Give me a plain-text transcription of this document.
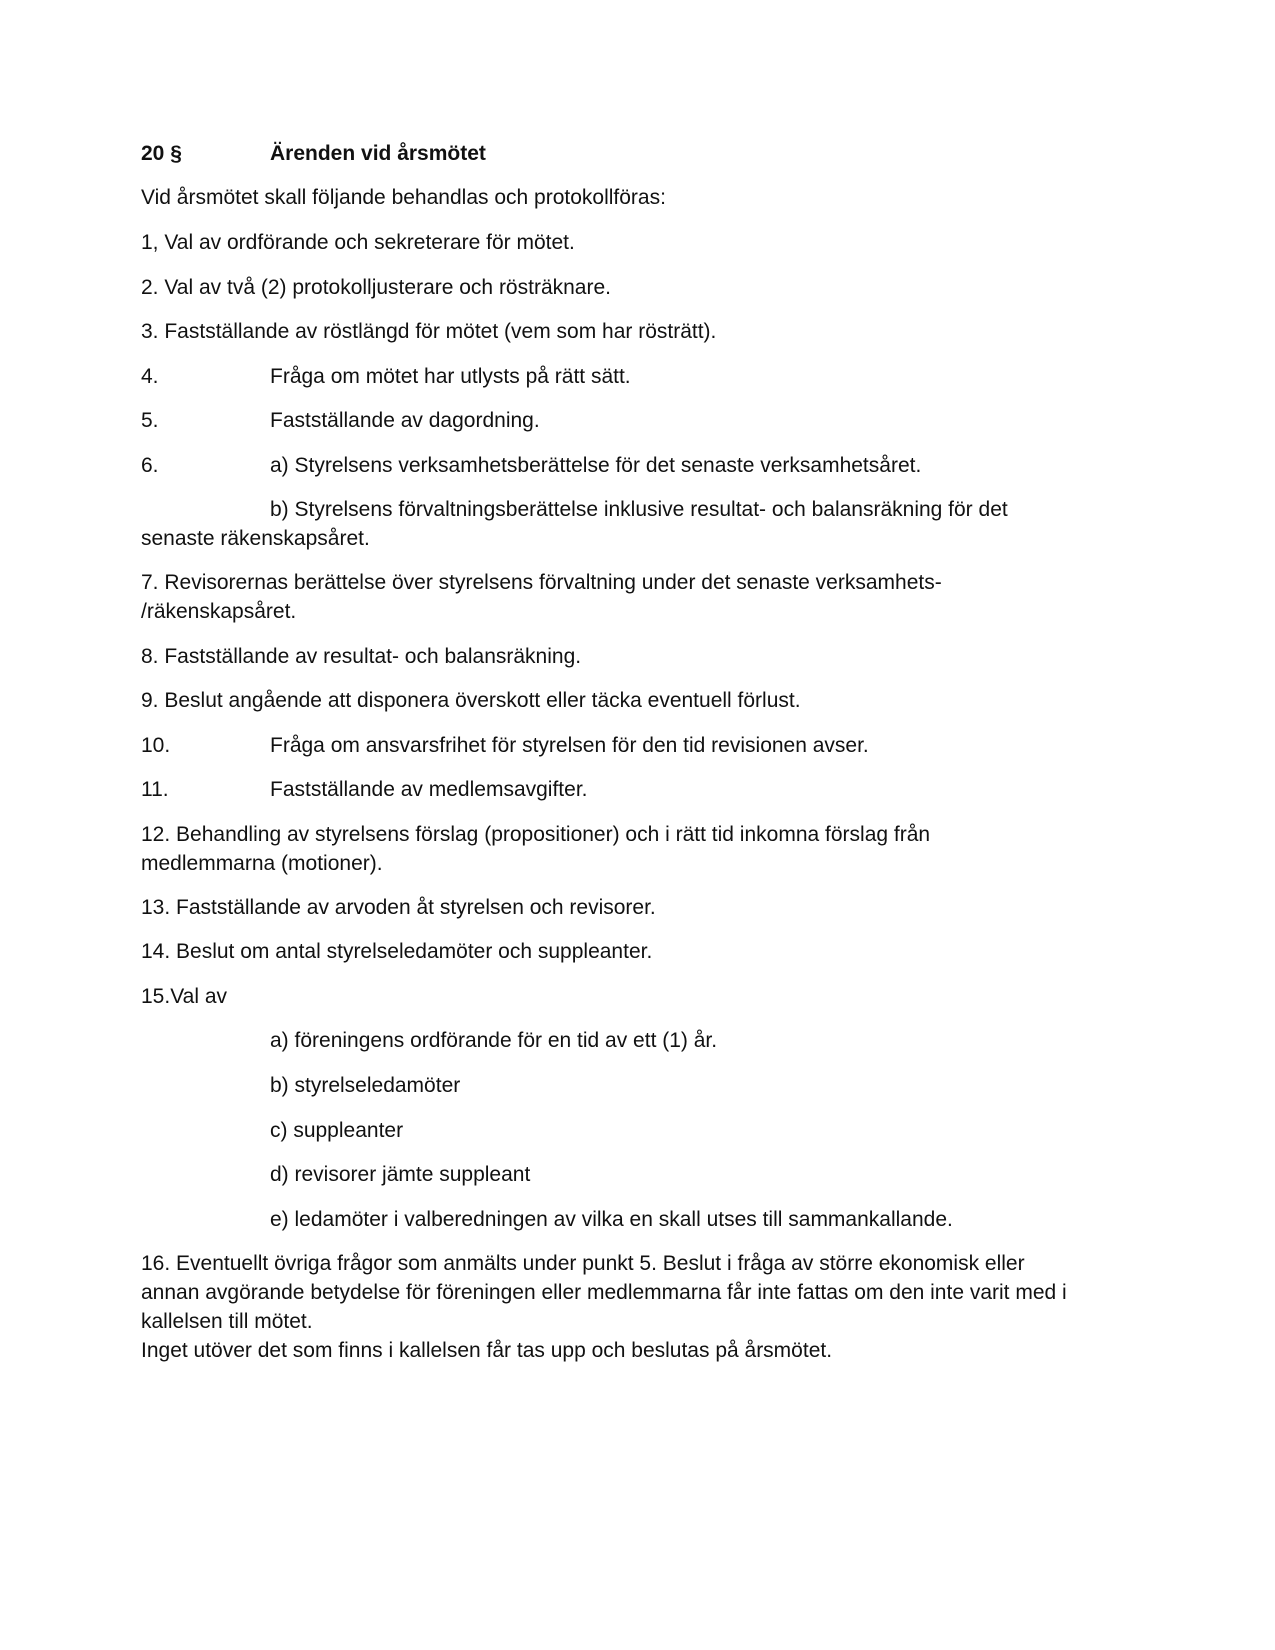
20 §	Ärenden vid årsmötet
Vid årsmötet skall följande behandlas och protokollföras:
1, Val av ordförande och sekreterare för mötet.
2. Val av två (2) protokolljusterare och rösträknare.
3. Fastställande av röstlängd för mötet (vem som har rösträtt).
4.	Fråga om mötet har utlysts på rätt sätt.
5.	Fastställande av dagordning.
6.	a) Styrelsens verksamhetsberättelse för det senaste verksamhetsåret.
b) Styrelsens förvaltningsberättelse inklusive resultat- och balansräkning för det
senaste räkenskapsåret.
7. Revisorernas berättelse över styrelsens förvaltning under det senaste verksamhets-
/räkenskapsåret.
8. Fastställande av resultat- och balansräkning.
9. Beslut angående att disponera överskott eller täcka eventuell förlust.
10.	Fråga om ansvarsfrihet för styrelsen för den tid revisionen avser.
11.	Fastställande av medlemsavgifter.
12. Behandling av styrelsens förslag (propositioner) och i rätt tid inkomna förslag från
medlemmarna (motioner).
13. Fastställande av arvoden åt styrelsen och revisorer.
14. Beslut om antal styrelseledamöter och suppleanter.
15.Val av
a) föreningens ordförande för en tid av ett (1) år.
b) styrelseledamöter
c) suppleanter
d) revisorer jämte suppleant
e) ledamöter i valberedningen av vilka en skall utses till sammankallande.
16. Eventuellt övriga frågor som anmälts under punkt 5. Beslut i fråga av större ekonomisk eller
annan avgörande betydelse för föreningen eller medlemmarna får inte fattas om den inte varit med i
kallelsen till mötet.
Inget utöver det som finns i kallelsen får tas upp och beslutas på årsmötet.
